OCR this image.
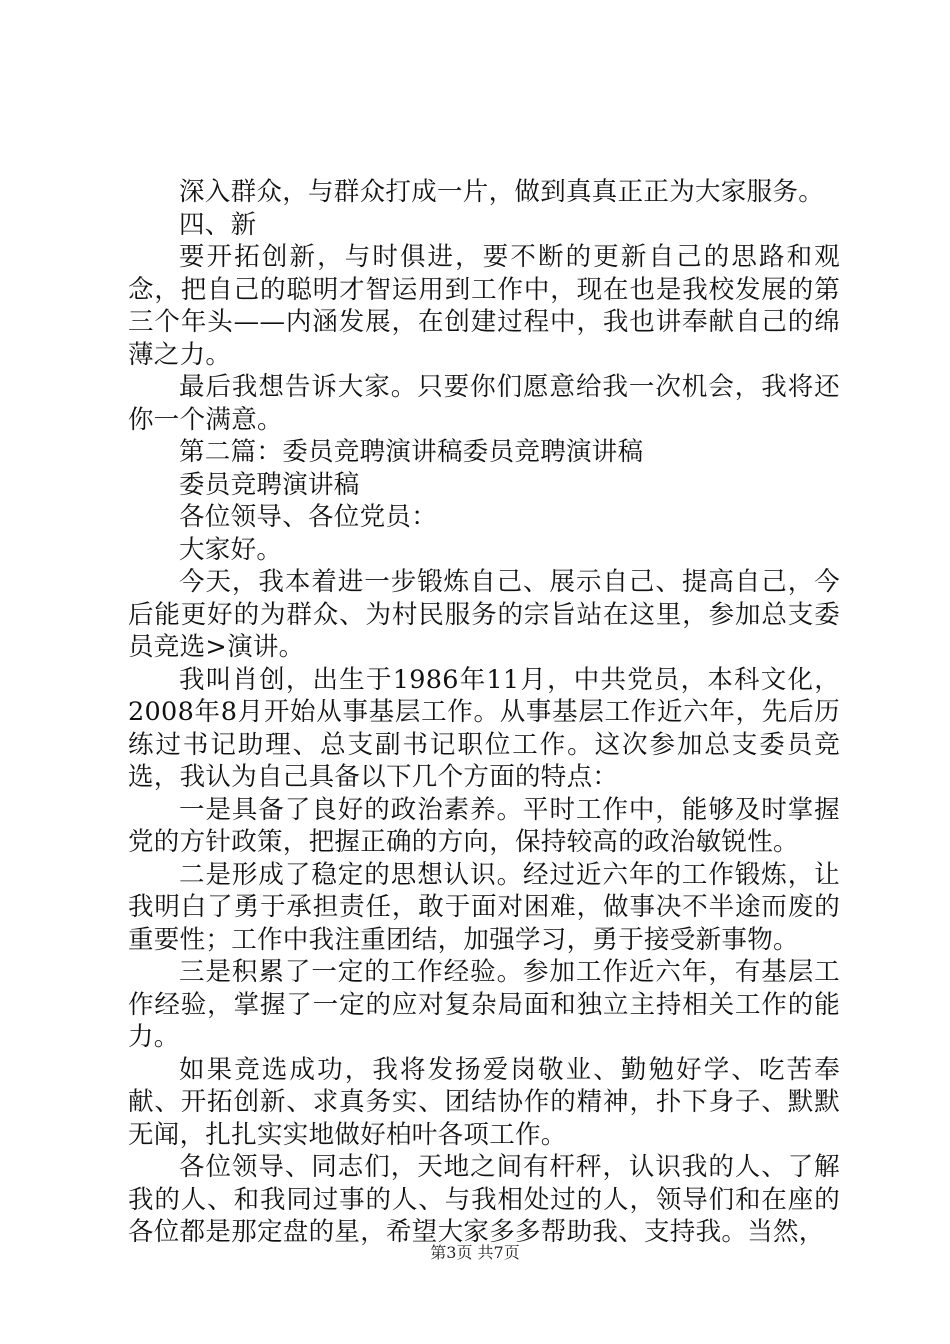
深入群众，与群众打成一片，做到真真正正为大家服务。

四、新

要开拓创新，与时俱进，要不断的更新自己的思路和观念，把自己的聪明才智运用到工作中，现在也是我校发展的第三个年头——内涵发展，在创建过程中，我也讲奉献自己的绵薄之力。

最后我想告诉大家。只要你们愿意给我一次机会，我将还你一个满意。

第二篇：委员竞聘演讲稿委员竞聘演讲稿

委员竞聘演讲稿

各位领导、各位党员：

大家好。

今天，我本着进一步锻炼自己、展示自己、提高自己，今后能更好的为群众、为村民服务的宗旨站在这里，参加总支委员竞选>演讲。

我叫肖创，出生于1986年11月，中共党员，本科文化，2008年8月开始从事基层工作。从事基层工作近六年，先后历练过书记助理、总支副书记职位工作。这次参加总支委员竞选，我认为自己具备以下几个方面的特点：

一是具备了良好的政治素养。平时工作中，能够及时掌握党的方针政策，把握正确的方向，保持较高的政治敏锐性。

二是形成了稳定的思想认识。经过近六年的工作锻炼，让我明白了勇于承担责任，敢于面对困难，做事决不半途而废的重要性；工作中我注重团结，加强学习，勇于接受新事物。

三是积累了一定的工作经验。参加工作近六年，有基层工作经验，掌握了一定的应对复杂局面和独立主持相关工作的能力。

如果竞选成功，我将发扬爱岗敬业、勤勉好学、吃苦奉献、开拓创新、求真务实、团结协作的精神，扑下身子、默默无闻，扎扎实实地做好柏叶各项工作。

各位领导、同志们，天地之间有杆秤，认识我的人、了解我的人、和我同过事的人、与我相处过的人，领导们和在座的各位都是那定盘的星，希望大家多多帮助我、支持我。当然，

第3页 共7页
